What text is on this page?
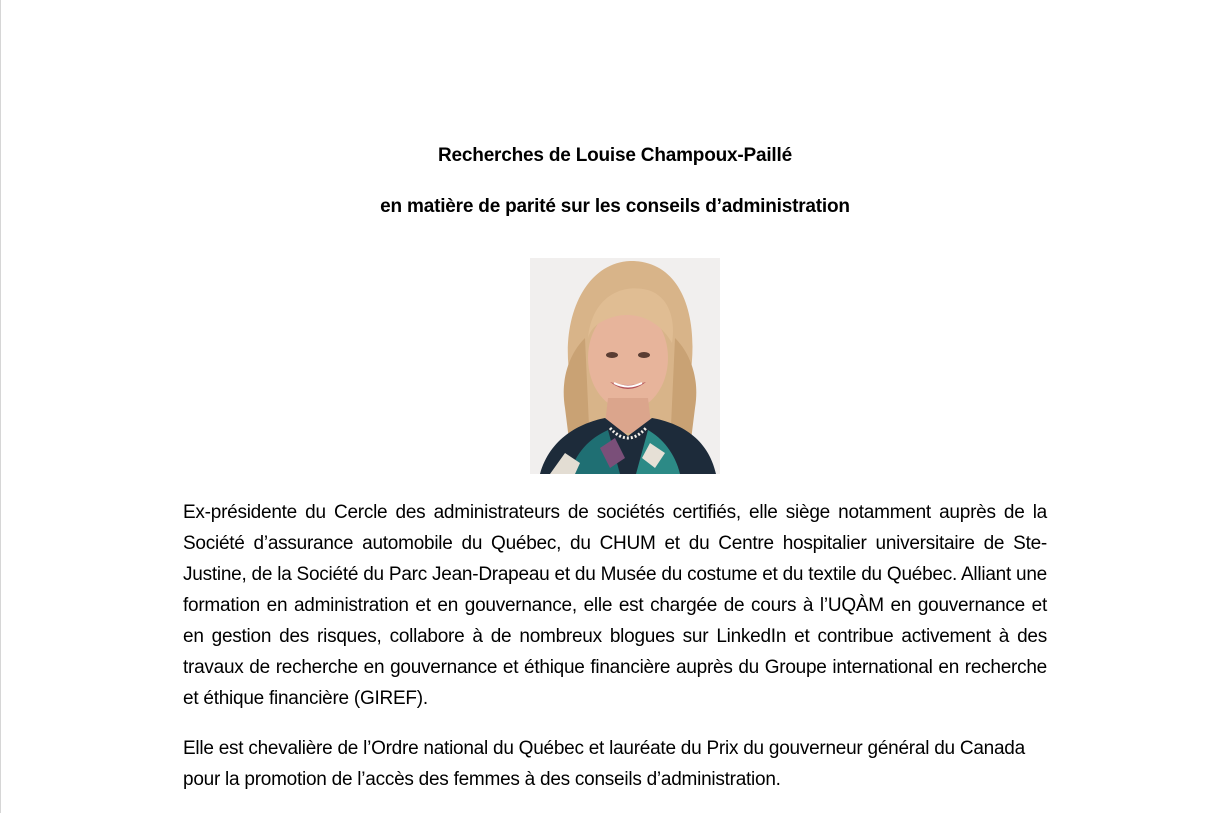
Recherches de Louise Champoux-Paillé
en matière de parité sur les conseils d’administration

Ex-présidente du Cercle des administrateurs de sociétés certifiés, elle siège notamment auprès de la Société d’assurance automobile du Québec, du CHUM et du Centre hospitalier universitaire de Ste-Justine, de la Société du Parc Jean-Drapeau et du Musée du costume et du textile du Québec. Alliant une formation en administration et en gouvernance, elle est chargée de cours à l’UQÀM en gouvernance et en gestion des risques, collabore à de nombreux blogues sur LinkedIn et contribue activement à des travaux de recherche en gouvernance et éthique financière auprès du Groupe international en recherche et éthique financière (GIREF).

Elle est chevalière de l’Ordre national du Québec et lauréate du Prix du gouverneur général du Canada pour la promotion de l’accès des femmes à des conseils d’administration.
